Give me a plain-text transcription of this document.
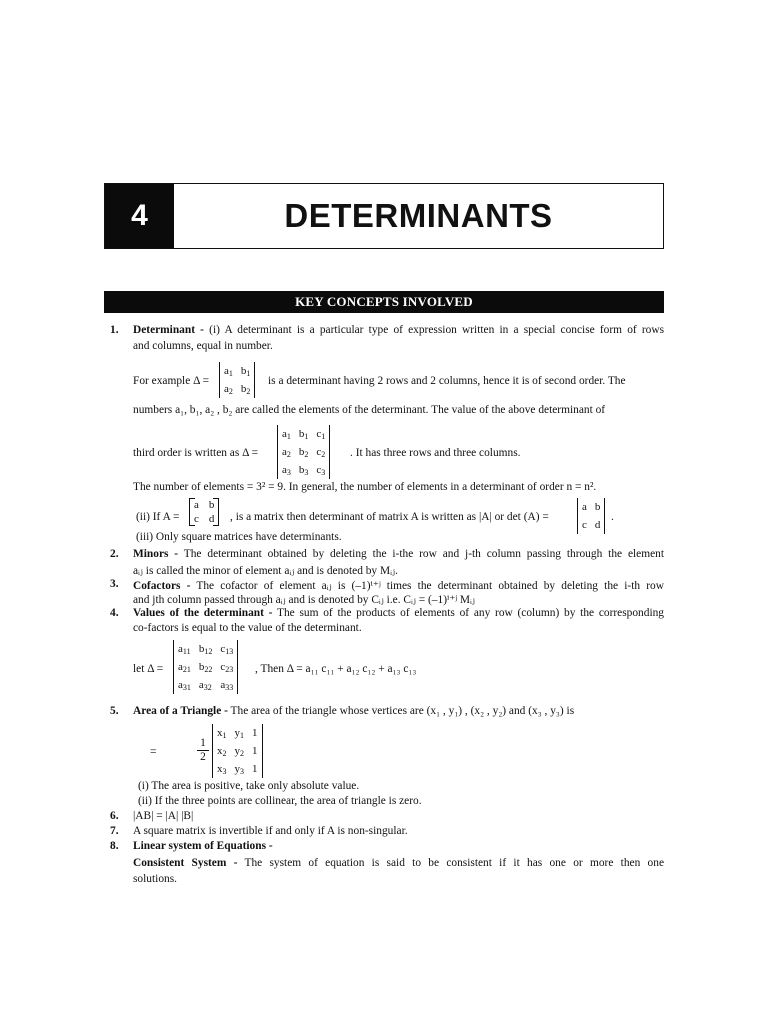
4	DETERMINANTS
KEY CONCEPTS INVOLVED
1. Determinant - (i) A determinant is a particular type of expression written in a special concise form of rows
and columns, equal in number.
For example Δ =
$a_1$	$b_1$
$a_2$	$b_2$
is a determinant having 2 rows and 2 columns, hence it is of second order. The
numbers a₁, b₁, a₂ , b₂ are called the elements of the determinant. The value of the above determinant of
third order is written as Δ =
$a_1$	$b_1$	$c_1$
$a_2$	$b_2$	$c_2$
$a_3$	$b_3$	$c_3$
. It has three rows and three columns.
The number of elements = 3² = 9. In general, the number of elements in a determinant of order n = n².
(ii) If A =
a	b
c	d , is a matrix then determinant of matrix A is written as |A| or det (A) =
a	b
c	d
.
(iii) Only square matrices have determinants.
2. Minors - The determinant obtained by deleting the i-the row and j-th column passing through the element
aᵢⱼ is called the minor of element aᵢⱼ and is denoted by Mᵢⱼ.
3. Cofactors - The cofactor of element aᵢⱼ is (–1)ⁱ⁺ʲ times the determinant obtained by deleting the i-th row
and jth column passed through aᵢⱼ and is denoted by Cᵢⱼ i.e. Cᵢⱼ = (–1)ⁱ⁺ʲ Mᵢⱼ
4. Values of the determinant - The sum of the products of elements of any row (column) by the corresponding
co-factors is equal to the value of the determinant.
let Δ =
$a_{11}$	$b_{12}$	$c_{13}$
$a_{21}$	$b_{22}$	$c_{23}$
$a_{31}$	$a_{32}$	$a_{33}$
, Then Δ = a₁₁ c₁₁ + a₁₂ c₁₂ + a₁₃ c₁₃
5. Area of a Triangle - The area of the triangle whose vertices are (x₁ , y₁) , (x₂ , y₂) and (x₃ , y₃) is
=	$\frac{1}{2}$
$x_1$	$y_1$	1
$x_2$	$y_2$	1
$x_3$	$y_3$	1
(i) The area is positive, take only absolute value.
(ii) If the three points are collinear, the area of triangle is zero.
6. |AB| = |A| |B|
7. A square matrix is invertible if and only if A is non-singular.
8. Linear system of Equations -
Consistent System - The system of equation is said to be consistent if it has one or more then one
solutions.
